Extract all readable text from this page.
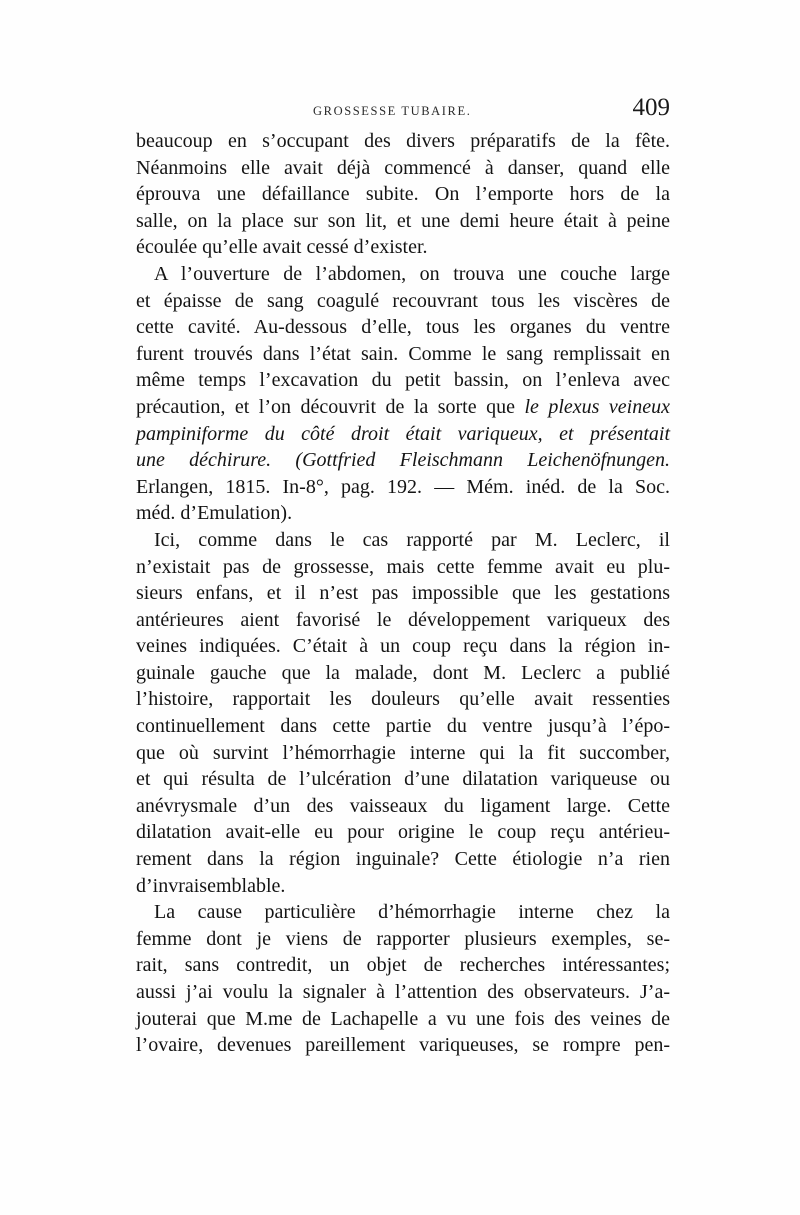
GROSSESSE TUBAIRE.	409
beaucoup en s’occupant des divers préparatifs de la fête.
Néanmoins elle avait déjà commencé à danser, quand elle
éprouva une défaillance subite. On l’emporte hors de la
salle, on la place sur son lit, et une demi heure était à peine
écoulée qu’elle avait cessé d’exister.
A l’ouverture de l’abdomen, on trouva une couche large
et épaisse de sang coagulé recouvrant tous les viscères de
cette cavité. Au-dessous d’elle, tous les organes du ventre
furent trouvés dans l’état sain. Comme le sang remplissait en
même temps l’excavation du petit bassin, on l’enleva avec
précaution, et l’on découvrit de la sorte que le plexus veineux
pampiniforme du côté droit était variqueux, et présentait
une déchirure. (Gottfried Fleischmann Leichenöfnungen.
Erlangen, 1815. In-8°, pag. 192. — Mém. inéd. de la Soc.
méd. d’Emulation).
Ici, comme dans le cas rapporté par M. Leclerc, il
n’existait pas de grossesse, mais cette femme avait eu plu-
sieurs enfans, et il n’est pas impossible que les gestations
antérieures aient favorisé le développement variqueux des
veines indiquées. C’était à un coup reçu dans la région in-
guinale gauche que la malade, dont M. Leclerc a publié
l’histoire, rapportait les douleurs qu’elle avait ressenties
continuellement dans cette partie du ventre jusqu’à l’épo-
que où survint l’hémorrhagie interne qui la fit succomber,
et qui résulta de l’ulcération d’une dilatation variqueuse ou
anévrysmale d’un des vaisseaux du ligament large. Cette
dilatation avait-elle eu pour origine le coup reçu antérieu-
rement dans la région inguinale? Cette étiologie n’a rien
d’invraisemblable.
La cause particulière d’hémorrhagie interne chez la
femme dont je viens de rapporter plusieurs exemples, se-
rait, sans contredit, un objet de recherches intéressantes;
aussi j’ai voulu la signaler à l’attention des observateurs. J’a-
jouterai que M.me de Lachapelle a vu une fois des veines de
l’ovaire, devenues pareillement variqueuses, se rompre pen-
